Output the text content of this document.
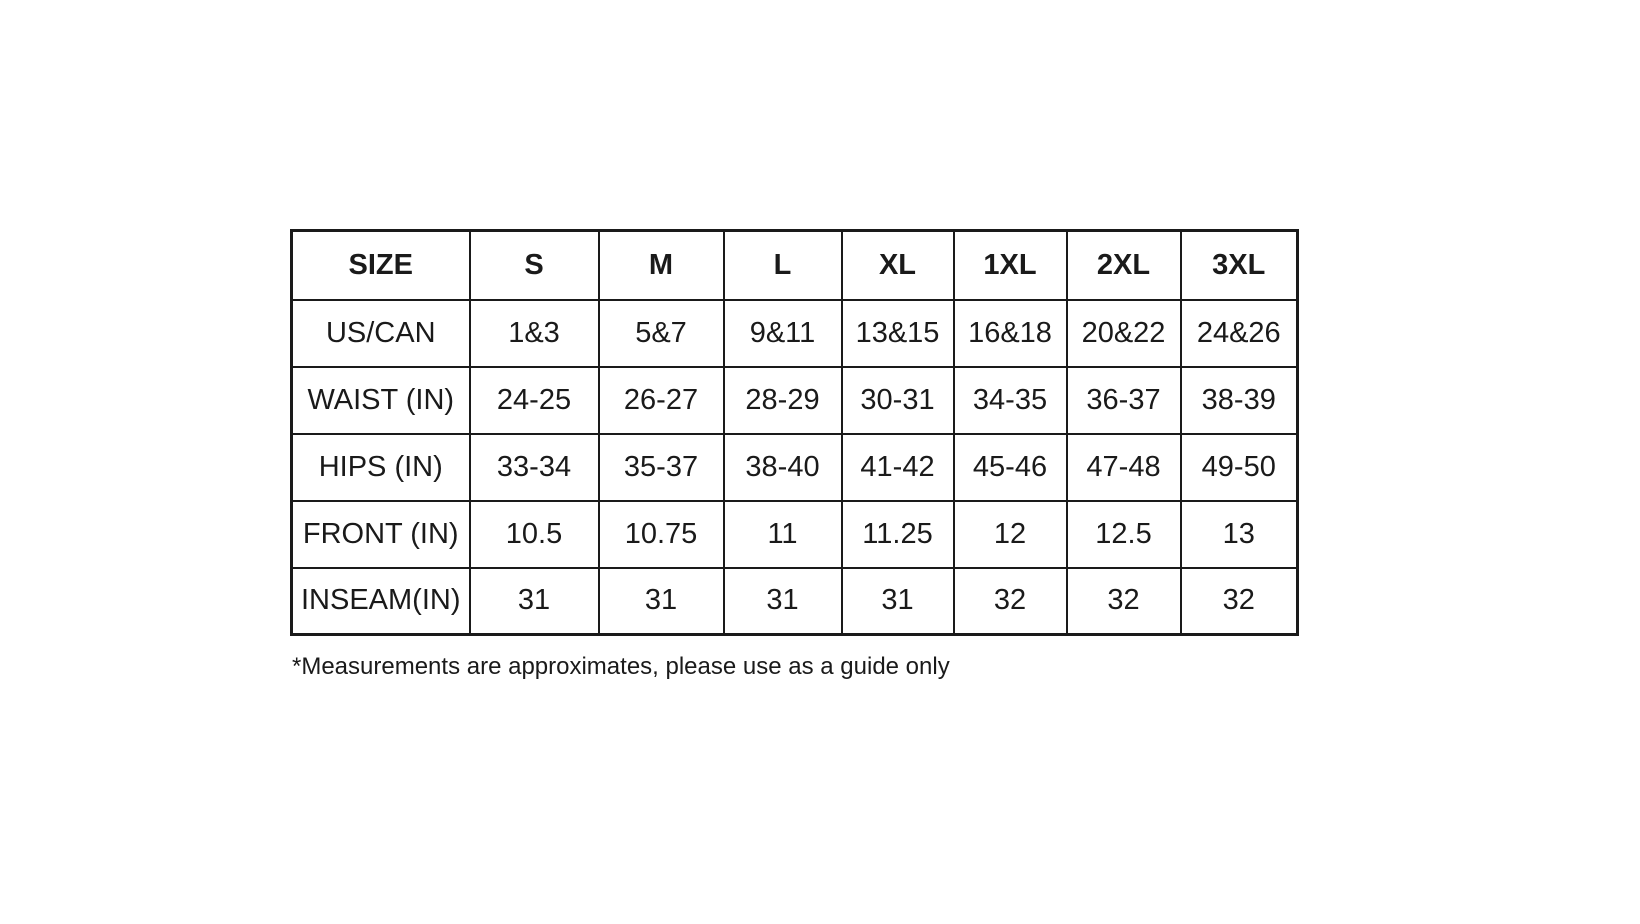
SIZE	S	M	L	XL	1XL	2XL	3XL
US/CAN	1&3	5&7	9&11	13&15	16&18	20&22	24&26
WAIST (IN)	24-25	26-27	28-29	30-31	34-35	36-37	38-39
HIPS (IN)	33-34	35-37	38-40	41-42	45-46	47-48	49-50
FRONT (IN)	10.5	10.75	11	11.25	12	12.5	13
INSEAM(IN)	31	31	31	31	32	32	32
*Measurements are approximates, please use as a guide only
